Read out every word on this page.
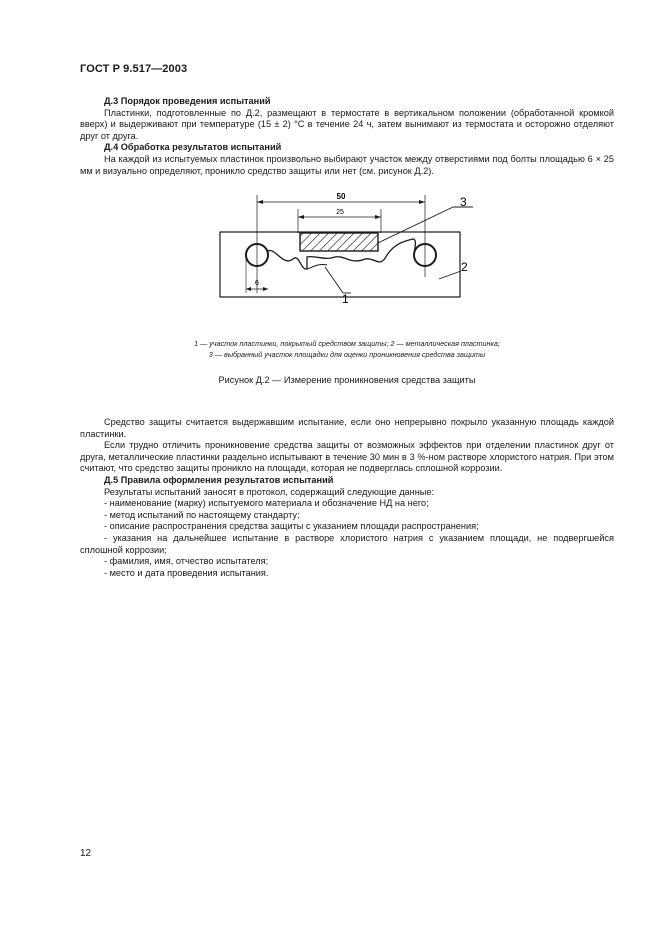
ГОСТ Р 9.517—2003

Д.3 Порядок проведения испытаний

Пластинки, подготовленные по Д.2, размещают в термостате в вертикальном положении (обработанной кромкой вверх) и выдерживают при температуре (15 ± 2) °С в течение 24 ч, затем вынимают из термостата и осторожно отделяют друг от друга.

Д.4 Обработка результатов испытаний

На каждой из испытуемых пластинок произвольно выбирают участок между отверстиями под болты площадью 6 × 25 мм и визуально определяют, проникло средство защиты или нет (см. рисунок Д.2).

50
25
6
1
3
2
1 — участок пластинки, покрытый средством защиты; 2 — металлическая пластинка;
3 — выбранный участок площадки для оценки проникновения средства защиты
Рисунок Д.2 — Измерение проникновения средства защиты

Средство защиты считается выдержавшим испытание, если оно непрерывно покрыло указанную площадь каждой пластинки.

Если трудно отличить проникновение средства защиты от возможных эффектов при отделении пластинок друг от друга, металлические пластинки раздельно испытывают в течение 30 мин в 3 %-ном растворе хлористого натрия. При этом считают, что средство защиты проникло на площади, которая не подверглась сплошной коррозии.

Д.5 Правила оформления результатов испытаний

Результаты испытаний заносят в протокол, содержащий следующие данные:

- наименование (марку) испытуемого материала и обозначение НД на него;

- метод испытаний по настоящему стандарту;

- описание распространения средства защиты с указанием площади распространения;

- указания на дальнейшее испытание в растворе хлористого натрия с указанием площади, не подвергшейся сплошной коррозии;

- фамилия, имя, отчество испытателя;

- место и дата проведения испытания.

12
